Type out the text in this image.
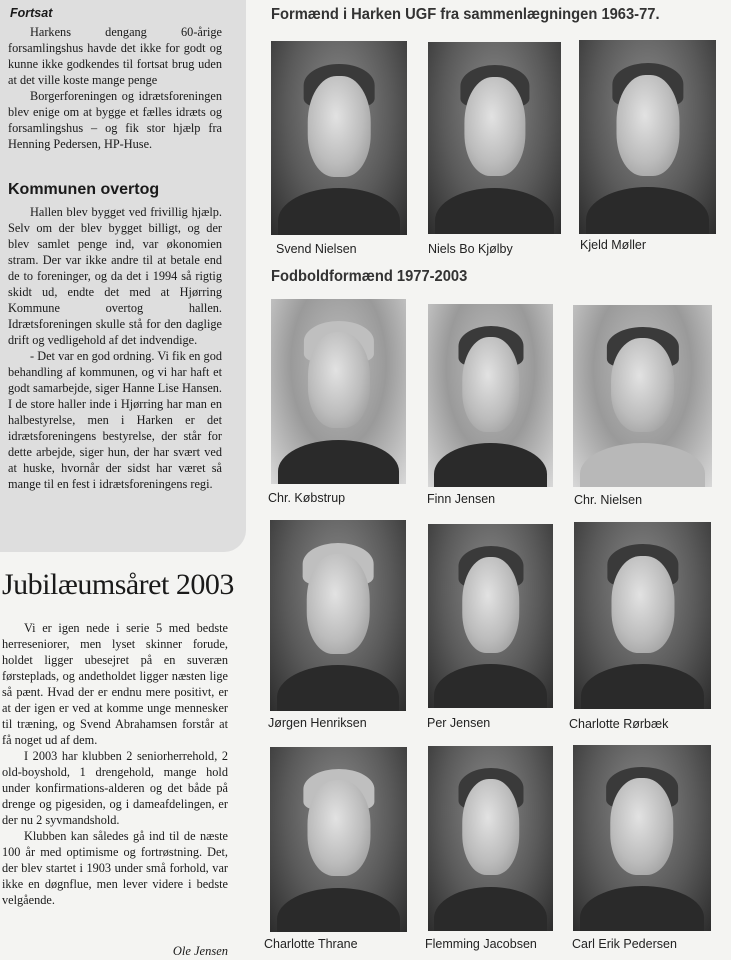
Fortsat

Harkens dengang 60-årige forsamlingshus havde det ikke for godt og kunne ikke godkendes til fortsat brug uden at det ville koste mange penge

Borgerforeningen og idrætsforeningen blev enige om at bygge et fælles idræts og forsamlingshus – og fik stor hjælp fra Henning Pedersen, HP-Huse.

Kommunen overtog

Hallen blev bygget ved frivillig hjælp. Selv om der blev bygget billigt, og der blev samlet penge ind, var økonomien stram. Der var ikke andre til at betale end de to foreninger, og da det i 1994 så rigtig skidt ud, endte det med at Hjørring Kommune overtog hallen. Idrætsforeningen skulle stå for den daglige drift og vedligehold af det indvendige.

- Det var en god ordning. Vi fik en god behandling af kommunen, og vi har haft et godt samarbejde, siger Hanne Lise Hansen. I de store haller inde i Hjørring har man en halbestyrelse, men i Harken er det idrætsforeningens bestyrelse, der står for dette arbejde, siger hun, der har svært ved at huske, hvornår der sidst har været så mange til en fest i idrætsforeningens regi.

Jubilæumsåret 2003

Vi er igen nede i serie 5 med bedste herreseniorer, men lyset skinner forude, holdet ligger ubesejret på en suveræn førsteplads, og andetholdet ligger næsten lige så pænt. Hvad der er endnu mere positivt, er at der igen er ved at komme unge mennesker til træning, og Svend Abrahamsen forstår at få noget ud af dem.

I 2003 har klubben 2 seniorherrehold, 2 old-boyshold, 1 drengehold, mange hold under konfirmations-alderen og det både på drenge og pigesiden, og i dameafdelingen, er der nu 2 syvmandshold.

Klubben kan således gå ind til de næste 100 år med optimisme og fortrøstning. Det, der blev startet i 1903 under små forhold, var ikke en døgnflue, men lever videre i bedste velgående.

Ole Jensen

Formænd i Harken UGF fra sammenlægningen 1963-77.

Svend Nielsen	Niels Bo Kjølby	Kjeld Møller

Fodboldformænd 1977-2003

Chr. Købstrup	Finn Jensen	Chr. Nielsen

Jørgen Henriksen	Per Jensen	Charlotte Rørbæk

Charlotte Thrane	Flemming Jacobsen	Carl Erik Pedersen
